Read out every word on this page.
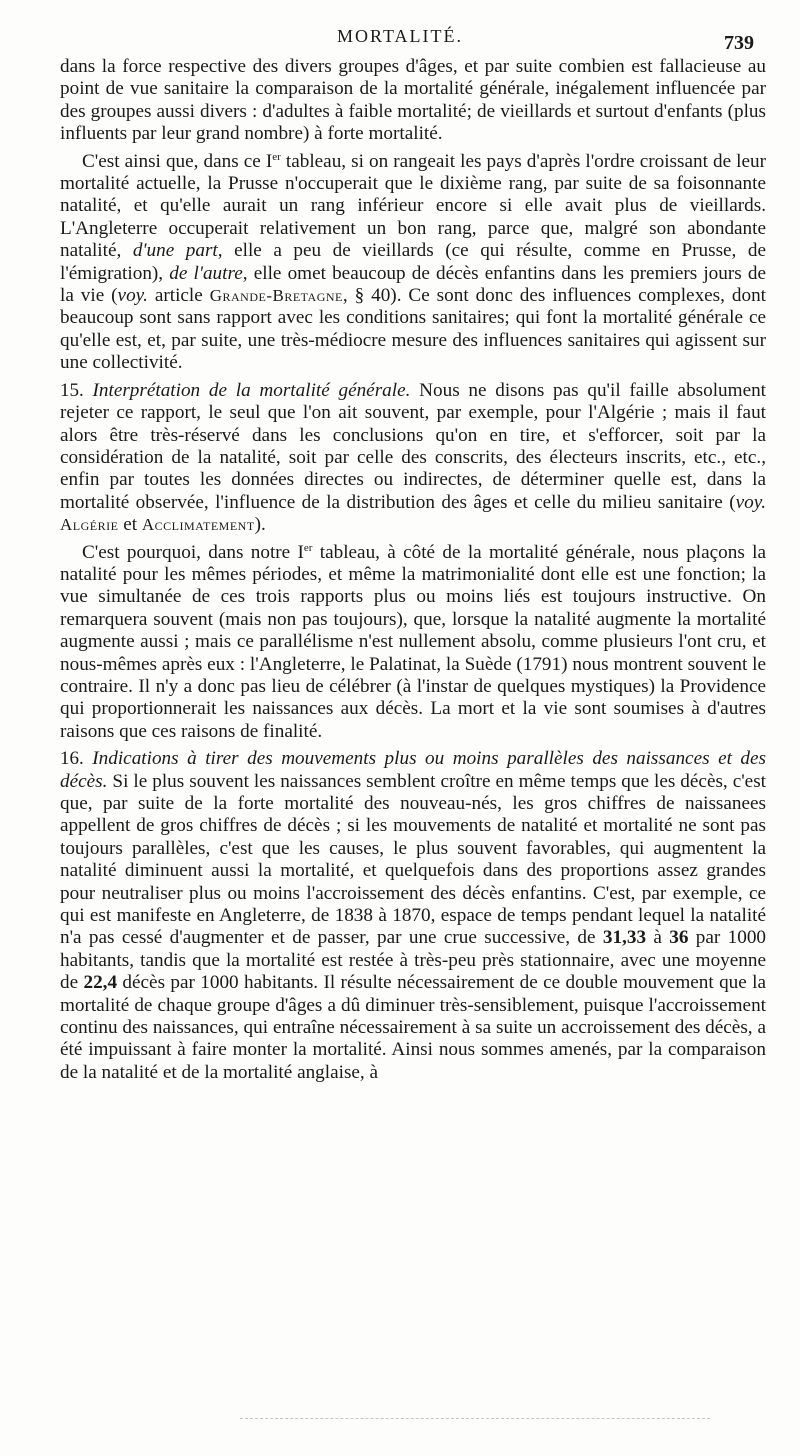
MORTALITÉ.	739

dans la force respective des divers groupes d'âges, et par suite combien est fallacieuse au point de vue sanitaire la comparaison de la mortalité générale, inégalement influencée par des groupes aussi divers : d'adultes à faible mortalité; de vieillards et surtout d'enfants (plus influents par leur grand nombre) à forte mortalité.

C'est ainsi que, dans ce Ier tableau, si on rangeait les pays d'après l'ordre croissant de leur mortalité actuelle, la Prusse n'occuperait que le dixième rang, par suite de sa foisonnante natalité, et qu'elle aurait un rang inférieur encore si elle avait plus de vieillards. L'Angleterre occuperait relativement un bon rang, parce que, malgré son abondante natalité, d'une part, elle a peu de vieillards (ce qui résulte, comme en Prusse, de l'émigration), de l'autre, elle omet beaucoup de décès enfantins dans les premiers jours de la vie (voy. article Grande-Bretagne, § 40). Ce sont donc des influences complexes, dont beaucoup sont sans rapport avec les conditions sanitaires; qui font la mortalité générale ce qu'elle est, et, par suite, une très-médiocre mesure des influences sanitaires qui agissent sur une collectivité.

15. Interprétation de la mortalité générale. Nous ne disons pas qu'il faille absolument rejeter ce rapport, le seul que l'on ait souvent, par exemple, pour l'Algérie ; mais il faut alors être très-réservé dans les conclusions qu'on en tire, et s'efforcer, soit par la considération de la natalité, soit par celle des conscrits, des électeurs inscrits, etc., etc., enfin par toutes les données directes ou indirectes, de déterminer quelle est, dans la mortalité observée, l'influence de la distribution des âges et celle du milieu sanitaire (voy. Algérie et Acclimatement).

C'est pourquoi, dans notre Ier tableau, à côté de la mortalité générale, nous plaçons la natalité pour les mêmes périodes, et même la matrimonialité dont elle est une fonction; la vue simultanée de ces trois rapports plus ou moins liés est toujours instructive. On remarquera souvent (mais non pas toujours), que, lorsque la natalité augmente la mortalité augmente aussi ; mais ce parallélisme n'est nullement absolu, comme plusieurs l'ont cru, et nous-mêmes après eux : l'Angleterre, le Palatinat, la Suède (1791) nous montrent souvent le contraire. Il n'y a donc pas lieu de célébrer (à l'instar de quelques mystiques) la Providence qui proportionnerait les naissances aux décès. La mort et la vie sont soumises à d'autres raisons que ces raisons de finalité.

16. Indications à tirer des mouvements plus ou moins parallèles des naissances et des décès. Si le plus souvent les naissances semblent croître en même temps que les décès, c'est que, par suite de la forte mortalité des nouveau-nés, les gros chiffres de naissanees appellent de gros chiffres de décès ; si les mouvements de natalité et mortalité ne sont pas toujours parallèles, c'est que les causes, le plus souvent favorables, qui augmentent la natalité diminuent aussi la mortalité, et quelquefois dans des proportions assez grandes pour neutraliser plus ou moins l'accroissement des décès enfantins. C'est, par exemple, ce qui est manifeste en Angleterre, de 1838 à 1870, espace de temps pendant lequel la natalité n'a pas cessé d'augmenter et de passer, par une crue successive, de 31,33 à 36 par 1000 habitants, tandis que la mortalité est restée à très-peu près stationnaire, avec une moyenne de 22,4 décès par 1000 habitants. Il résulte nécessairement de ce double mouvement que la mortalité de chaque groupe d'âges a dû diminuer très-sensiblement, puisque l'accroissement continu des naissances, qui entraîne nécessairement à sa suite un accroissement des décès, a été impuissant à faire monter la mortalité. Ainsi nous sommes amenés, par la comparaison de la natalité et de la mortalité anglaise, à
